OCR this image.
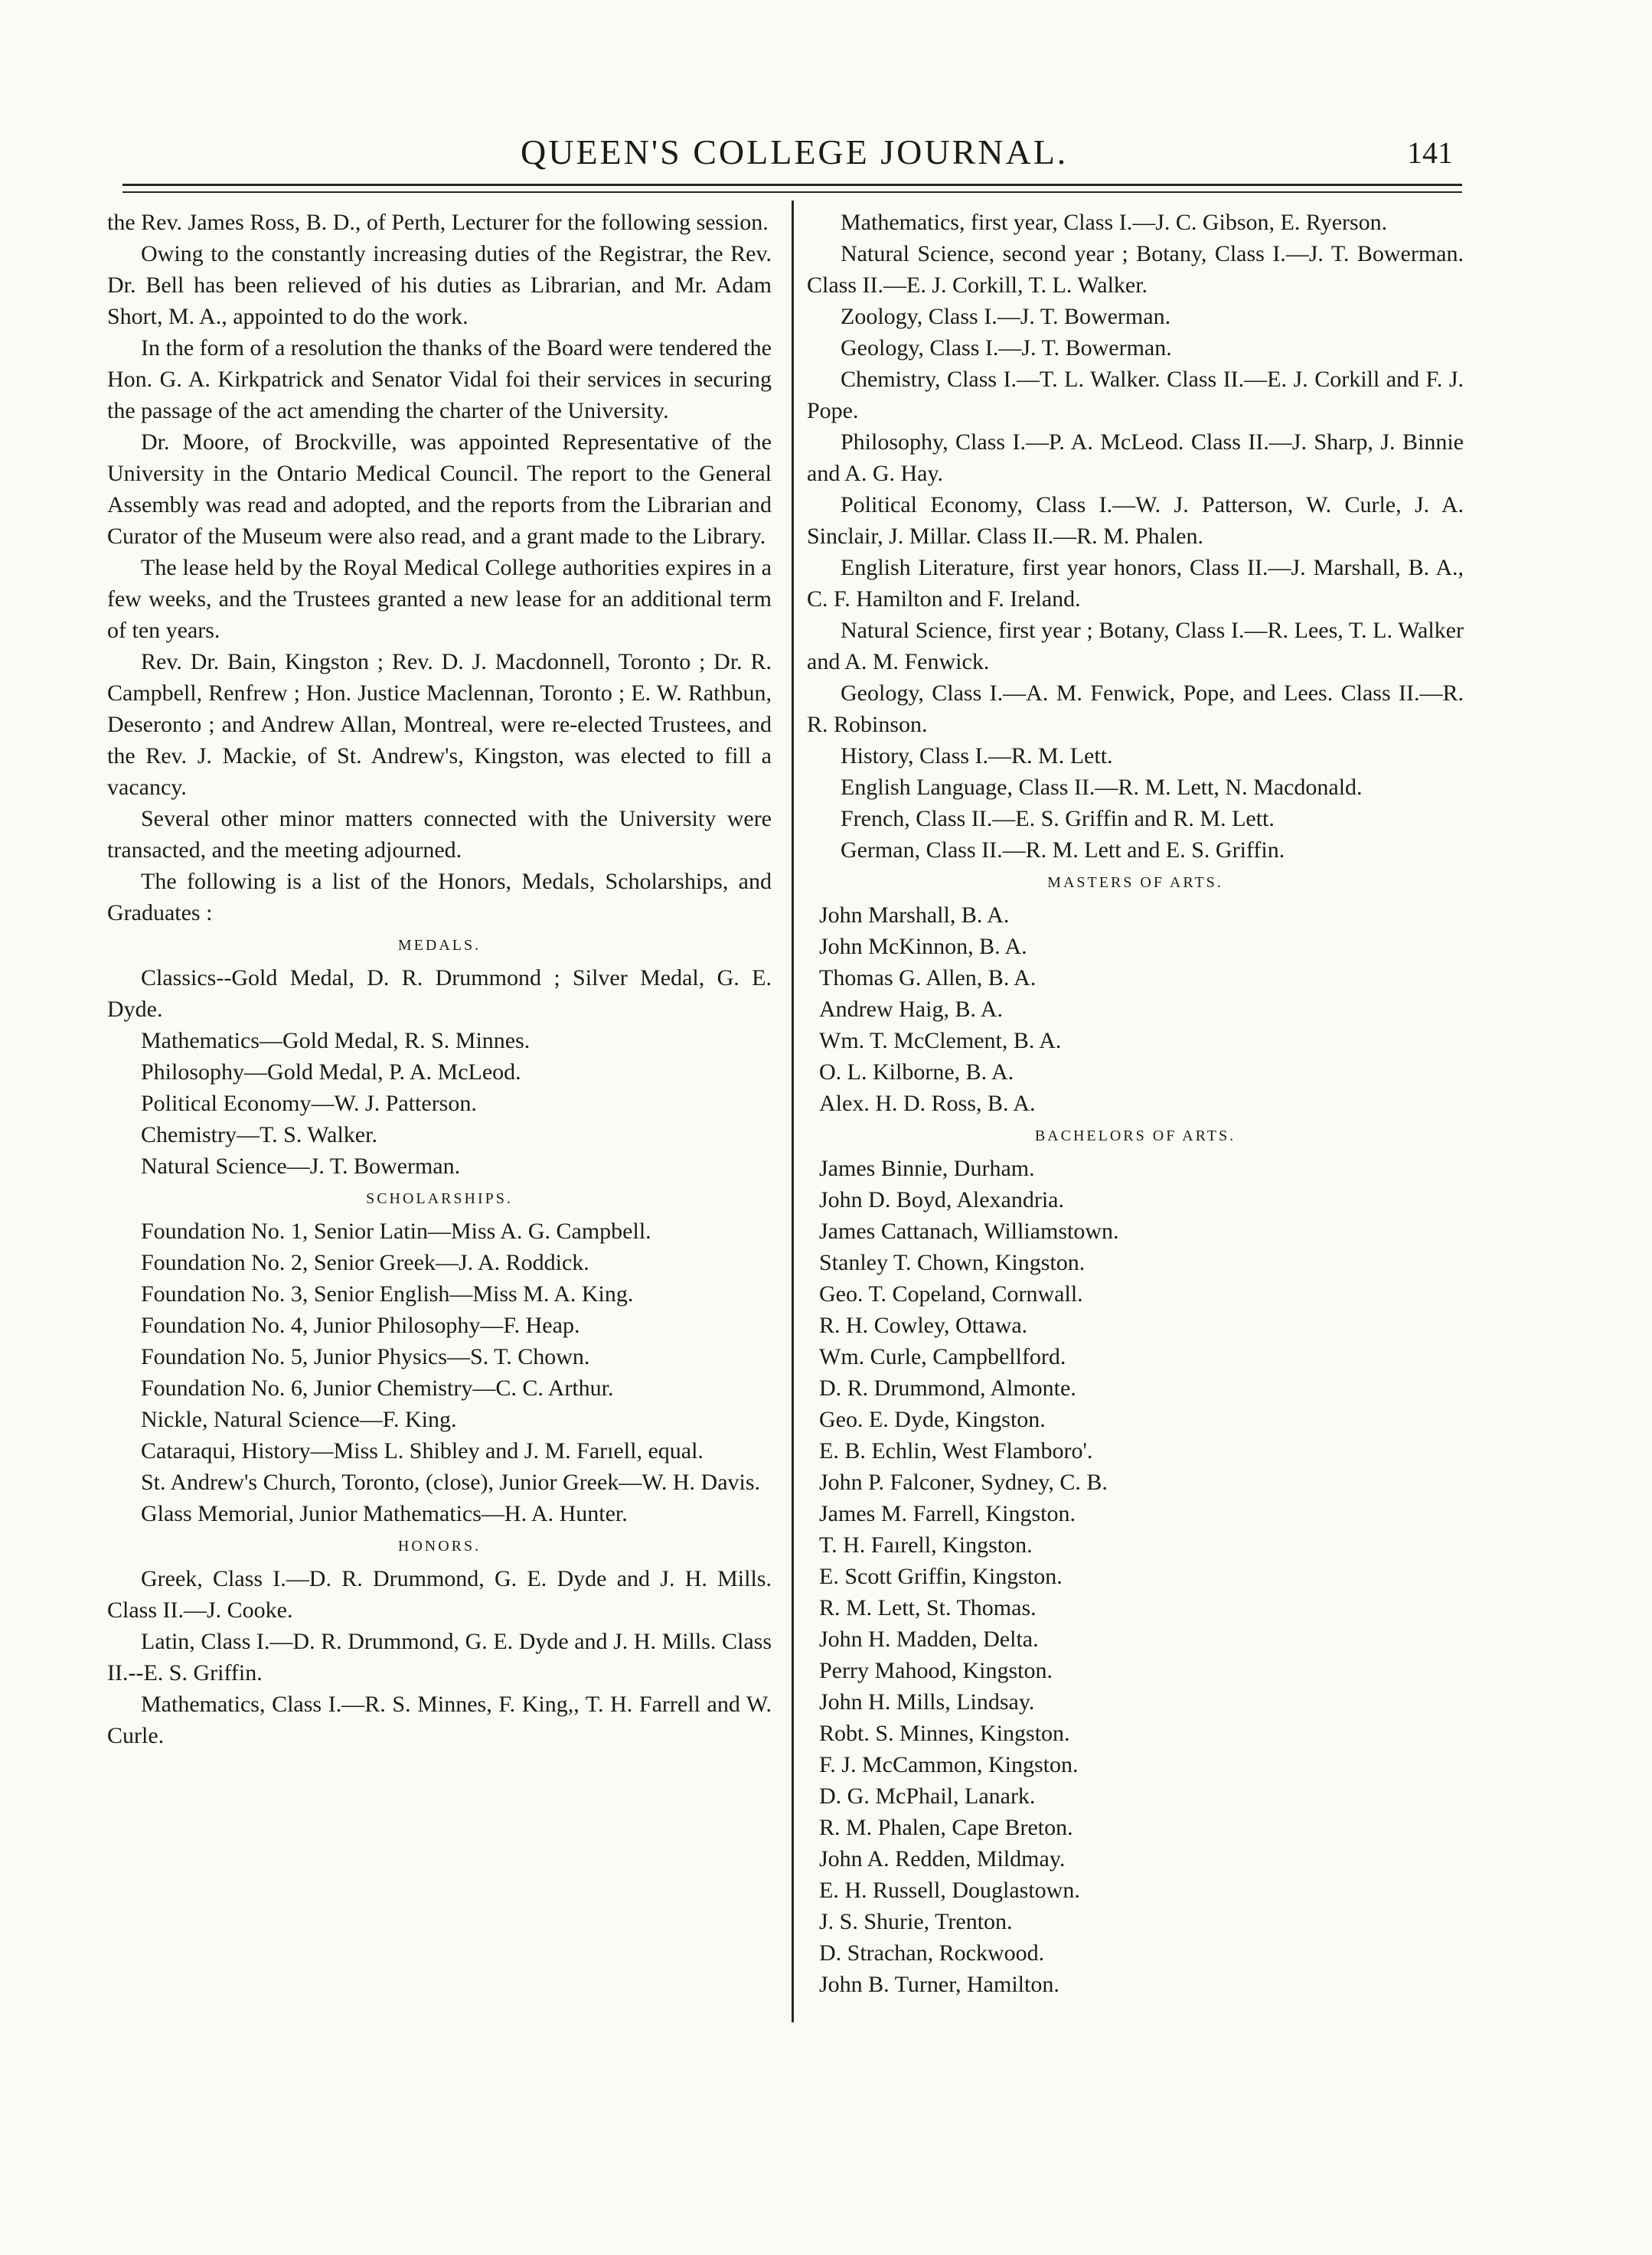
QUEEN'S COLLEGE JOURNAL.	141

the Rev. James Ross, B. D., of Perth, Lecturer for the following session.

Owing to the constantly increasing duties of the Registrar, the Rev. Dr. Bell has been relieved of his duties as Librarian, and Mr. Adam Short, M. A., appointed to do the work.

In the form of a resolution the thanks of the Board were tendered the Hon. G. A. Kirkpatrick and Senator Vidal foi their services in securing the passage of the act amending the charter of the University.

Dr. Moore, of Brockville, was appointed Representative of the University in the Ontario Medical Council. The report to the General Assembly was read and adopted, and the reports from the Librarian and Curator of the Museum were also read, and a grant made to the Library.

The lease held by the Royal Medical College authorities expires in a few weeks, and the Trustees granted a new lease for an additional term of ten years.

Rev. Dr. Bain, Kingston ; Rev. D. J. Macdonnell, Toronto ; Dr. R. Campbell, Renfrew ; Hon. Justice Maclennan, Toronto ; E. W. Rathbun, Deseronto ; and Andrew Allan, Montreal, were re-elected Trustees, and the Rev. J. Mackie, of St. Andrew's, Kingston, was elected to fill a vacancy.

Several other minor matters connected with the University were transacted, and the meeting adjourned.

The following is a list of the Honors, Medals, Scholarships, and Graduates :

MEDALS.

Classics--Gold Medal, D. R. Drummond ; Silver Medal, G. E. Dyde.

Mathematics—Gold Medal, R. S. Minnes.

Philosophy—Gold Medal, P. A. McLeod.

Political Economy—W. J. Patterson.

Chemistry—T. S. Walker.

Natural Science—J. T. Bowerman.

SCHOLARSHIPS.

Foundation No. 1, Senior Latin—Miss A. G. Campbell.

Foundation No. 2, Senior Greek—J. A. Roddick.

Foundation No. 3, Senior English—Miss M. A. King.

Foundation No. 4, Junior Philosophy—F. Heap.

Foundation No. 5, Junior Physics—S. T. Chown.

Foundation No. 6, Junior Chemistry—C. C. Arthur.

Nickle, Natural Science—F. King.

Cataraqui, History—Miss L. Shibley and J. M. Farıell, equal.

St. Andrew's Church, Toronto, (close), Junior Greek—W. H. Davis.

Glass Memorial, Junior Mathematics—H. A. Hunter.

HONORS.

Greek, Class I.—D. R. Drummond, G. E. Dyde and J. H. Mills. Class II.—J. Cooke.

Latin, Class I.—D. R. Drummond, G. E. Dyde and J. H. Mills. Class II.--E. S. Griffin.

Mathematics, Class I.—R. S. Minnes, F. King,, T. H. Farrell and W. Curle.

Mathematics, first year, Class I.—J. C. Gibson, E. Ryerson.

Natural Science, second year ; Botany, Class I.—J. T. Bowerman. Class II.—E. J. Corkill, T. L. Walker.

Zoology, Class I.—J. T. Bowerman.

Geology, Class I.—J. T. Bowerman.

Chemistry, Class I.—T. L. Walker. Class II.—E. J. Corkill and F. J. Pope.

Philosophy, Class I.—P. A. McLeod. Class II.—J. Sharp, J. Binnie and A. G. Hay.

Political Economy, Class I.—W. J. Patterson, W. Curle, J. A. Sinclair, J. Millar. Class II.—R. M. Phalen.

English Literature, first year honors, Class II.—J. Marshall, B. A., C. F. Hamilton and F. Ireland.

Natural Science, first year ; Botany, Class I.—R. Lees, T. L. Walker and A. M. Fenwick.

Geology, Class I.—A. M. Fenwick, Pope, and Lees. Class II.—R. R. Robinson.

History, Class I.—R. M. Lett.

English Language, Class II.—R. M. Lett, N. Macdonald.

French, Class II.—E. S. Griffin and R. M. Lett.

German, Class II.—R. M. Lett and E. S. Griffin.

MASTERS OF ARTS.

John Marshall, B. A.

John McKinnon, B. A.

Thomas G. Allen, B. A.

Andrew Haig, B. A.

Wm. T. McClement, B. A.

O. L. Kilborne, B. A.

Alex. H. D. Ross, B. A.

BACHELORS OF ARTS.

James Binnie, Durham.

John D. Boyd, Alexandria.

James Cattanach, Williamstown.

Stanley T. Chown, Kingston.

Geo. T. Copeland, Cornwall.

R. H. Cowley, Ottawa.

Wm. Curle, Campbellford.

D. R. Drummond, Almonte.

Geo. E. Dyde, Kingston.

E. B. Echlin, West Flamboro'.

John P. Falconer, Sydney, C. B.

James M. Farrell, Kingston.

T. H. Faırell, Kingston.

E. Scott Griffin, Kingston.

R. M. Lett, St. Thomas.

John H. Madden, Delta.

Perry Mahood, Kingston.

John H. Mills, Lindsay.

Robt. S. Minnes, Kingston.

F. J. McCammon, Kingston.

D. G. McPhail, Lanark.

R. M. Phalen, Cape Breton.

John A. Redden, Mildmay.

E. H. Russell, Douglastown.

J. S. Shurie, Trenton.

D. Strachan, Rockwood.

John B. Turner, Hamilton.
